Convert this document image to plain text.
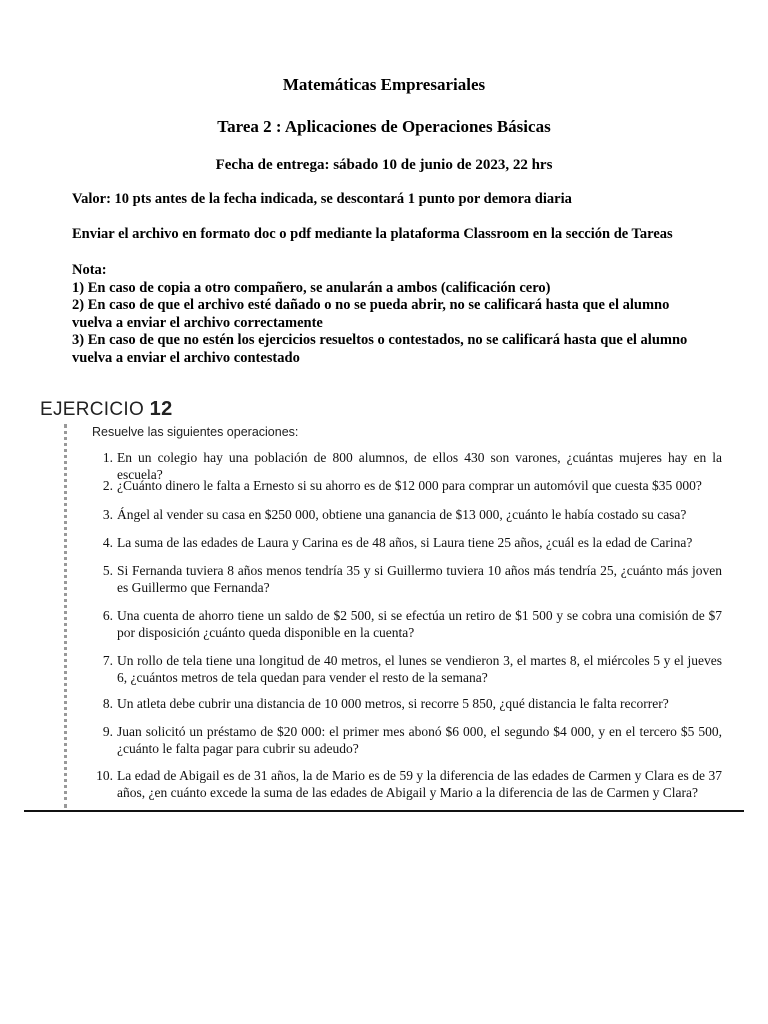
Matemáticas Empresariales
Tarea 2 : Aplicaciones de Operaciones Básicas
Fecha de entrega: sábado 10 de junio de 2023, 22 hrs
Valor: 10 pts antes de la fecha indicada, se descontará 1 punto por demora diaria
Enviar el archivo en formato doc o pdf mediante la plataforma Classroom en la sección de Tareas
Nota:
1) En caso de copia a otro compañero, se anularán a ambos (calificación cero)
2) En caso de que el archivo esté dañado o no se pueda abrir, no se calificará hasta que el alumno vuelva a enviar el archivo correctamente
3) En caso de que no estén los ejercicios resueltos o contestados, no se calificará hasta que el alumno vuelva a enviar el archivo contestado
EJERCICIO 12
Resuelve las siguientes operaciones:
1. En un colegio hay una población de 800 alumnos, de ellos 430 son varones, ¿cuántas mujeres hay en la escuela?
2. ¿Cuánto dinero le falta a Ernesto si su ahorro es de $12 000 para comprar un automóvil que cuesta $35 000?
3. Ángel al vender su casa en $250 000, obtiene una ganancia de $13 000, ¿cuánto le había costado su casa?
4. La suma de las edades de Laura y Carina es de 48 años, si Laura tiene 25 años, ¿cuál es la edad de Carina?
5. Si Fernanda tuviera 8 años menos tendría 35 y si Guillermo tuviera 10 años más tendría 25, ¿cuánto más joven es Guillermo que Fernanda?
6. Una cuenta de ahorro tiene un saldo de $2 500, si se efectúa un retiro de $1 500 y se cobra una comisión de $7 por disposición ¿cuánto queda disponible en la cuenta?
7. Un rollo de tela tiene una longitud de 40 metros, el lunes se vendieron 3, el martes 8, el miércoles 5 y el jueves 6, ¿cuántos metros de tela quedan para vender el resto de la semana?
8. Un atleta debe cubrir una distancia de 10 000 metros, si recorre 5 850, ¿qué distancia le falta recorrer?
9. Juan solicitó un préstamo de $20 000: el primer mes abonó $6 000, el segundo $4 000, y en el tercero $5 500, ¿cuánto le falta pagar para cubrir su adeudo?
10. La edad de Abigail es de 31 años, la de Mario es de 59 y la diferencia de las edades de Carmen y Clara es de 37 años, ¿en cuánto excede la suma de las edades de Abigail y Mario a la diferencia de las de Carmen y Clara?
